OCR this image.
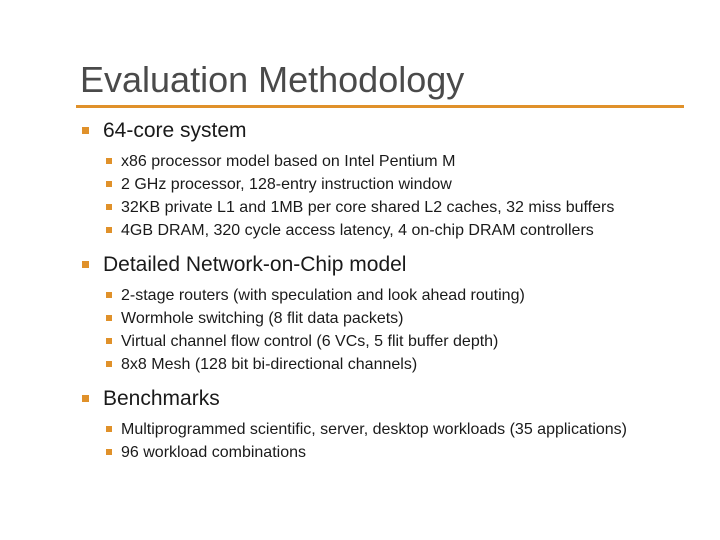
Evaluation Methodology
64-core system
x86 processor model based on Intel Pentium M
2 GHz processor, 128-entry instruction window
32KB private L1 and 1MB per core shared L2 caches, 32 miss buffers
4GB DRAM, 320 cycle access latency, 4 on-chip DRAM controllers
Detailed Network-on-Chip model
2-stage routers (with speculation and look ahead routing)
Wormhole switching (8 flit data packets)
Virtual channel flow control (6 VCs, 5 flit buffer depth)
8x8 Mesh (128 bit bi-directional channels)
Benchmarks
Multiprogrammed scientific, server, desktop workloads (35 applications)
96 workload combinations
